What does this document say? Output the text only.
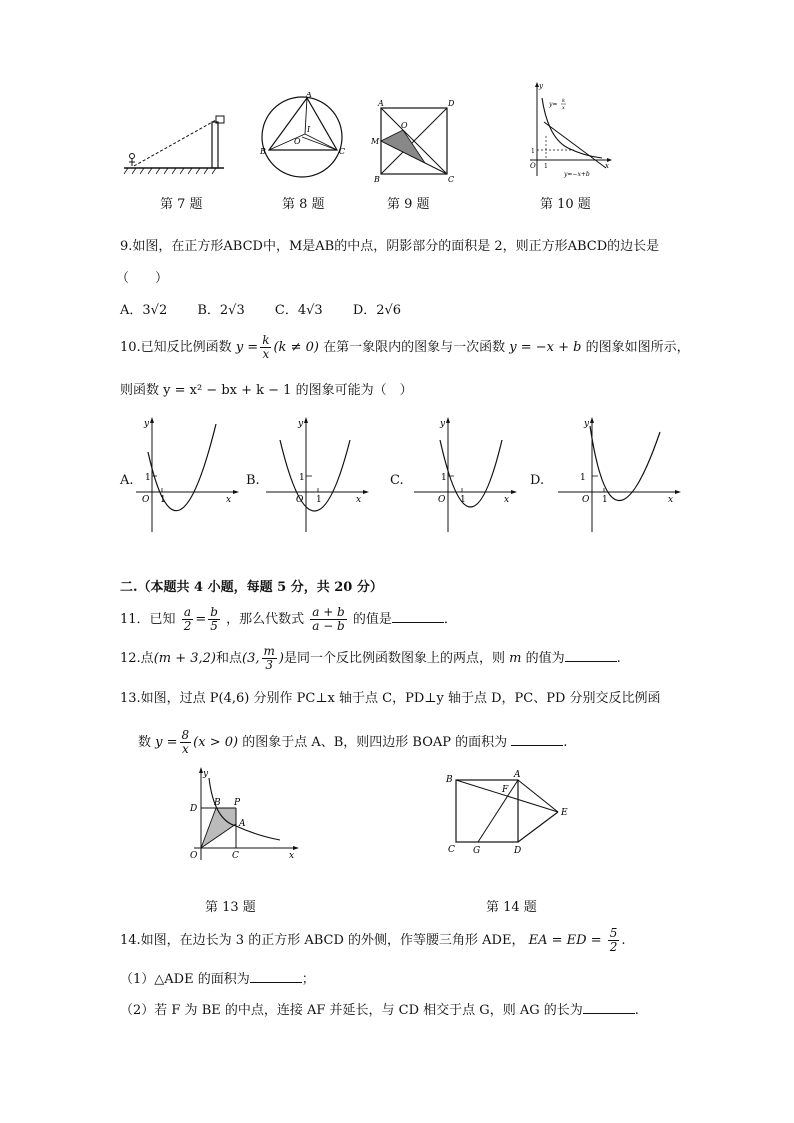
第 7 题
A
B	C
O
I
第 8 题
A	D
M
O
B	C
第 9 题
y
y= k
x
1
O 1	x
y=−x+b
第 10 题
9.如图，在正方形ABCD中，M是AB的中点，阴影部分的面积是 2，则正方形ABCD的边长是
（　　）
A．3√2 B．2√3 C．4√3 D．2√6
10.已知反比例函数 $y = \frac{k}{x} (k \ne 0)$ 在第一象限内的图象与一次函数 y = −x + b 的图象如图所示，
则函数 y = x² − bx + k − 1 的图象可能为（　）
A.
y
1
O 1	x
B.
y
1
O 1	x
C.
y
1
O 1	x
D.
y
1
O 1	x
二.（本题共 4 小题，每题 5 分，共 20 分）
11．已知 $\frac{a}{2} = \frac{b}{5}$ ，那么代数式 $\frac{a + b}{a - b}$ 的值是	．
12.点(m + 3,2)和点(3, $\frac{m}{3}$ )是同一个反比例函数图象上的两点，则 m 的值为	.
13.如图，过点 P(4,6) 分别作 PC⊥x 轴于点 C，PD⊥y 轴于点 D，PC、PD 分别交反比例函
数 $y = \frac{8}{x} (x > 0)$ 的图象于点 A、B，则四边形 BOAP 的面积为	.
y
D
B P
A
O	C	x
第 13 题
B	A
F
E
C G	D
第 14 题
14.如图，在边长为 3 的正方形 ABCD 的外侧，作等腰三角形 ADE， EA = ED = $\frac{5}{2}$ .
（1）△ADE 的面积为	；
（2）若 F 为 BE 的中点，连接 AF 并延长，与 CD 相交于点 G，则 AG 的长为	.
